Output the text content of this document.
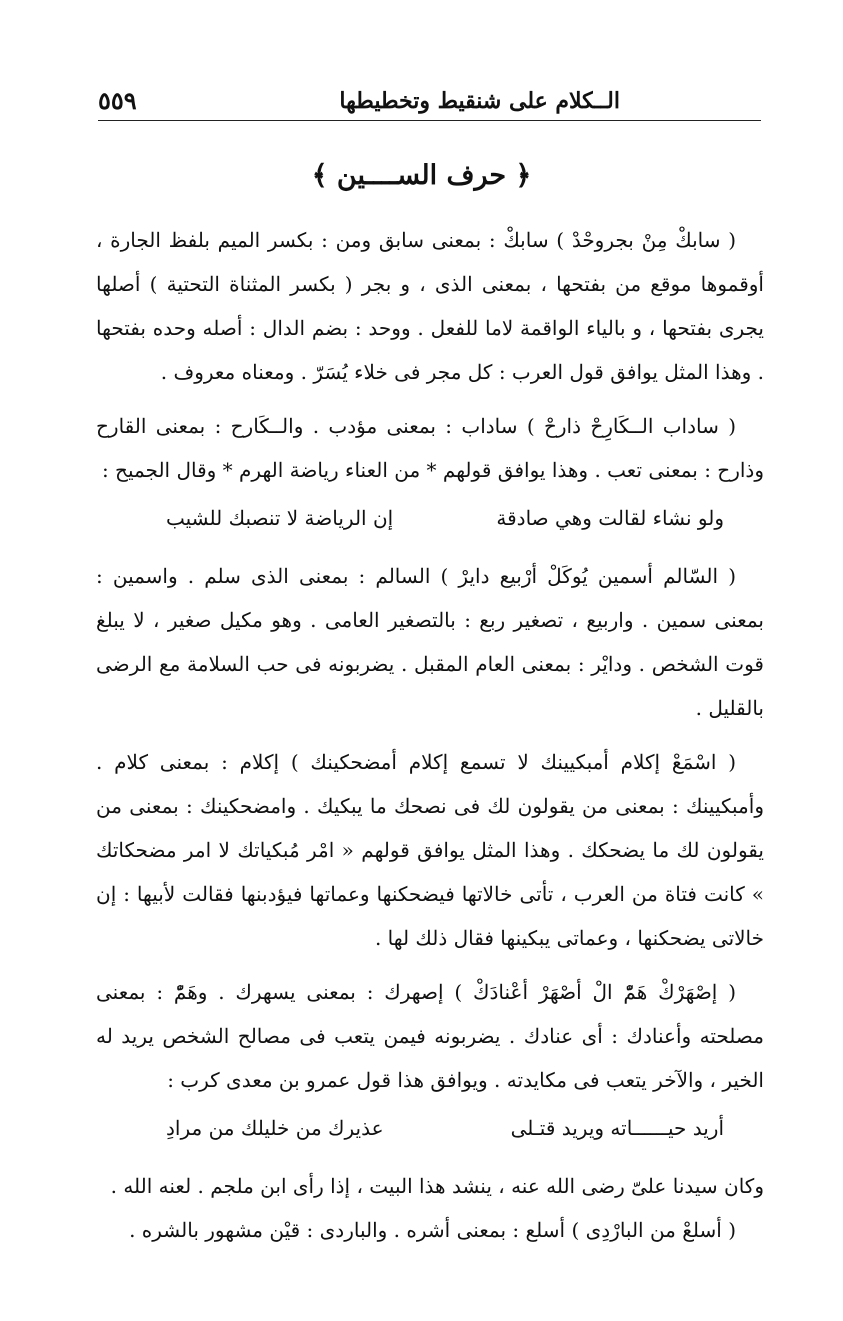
الــكلام على شنقيط وتخطيطها
٥٥٩
﴿ حرف الســــين ﴾

( سابكْ مِنْ بجروحْدْ ) سابكْ : بمعنى سابق ومن : بكسر الميم بلفظ الجارة ، أوقموها موقع من بفتحها ، بمعنى الذى ، و بجر ( بكسر المثناة التحتية ) أصلها يجرى بفتحها ، و بالياء الواقمة لاما للفعل . ووحد : بضم الدال : أصله وحده بفتحها . وهذا المثل يوافق قول العرب : كل مجر فى خلاء يُسَرّ . ومعناه معروف .

( ساداب الــكَارِحْ ذارحْ ) ساداب : بمعنى مؤدب . والــكَارح : بمعنى القارح وذارح : بمعنى تعب . وهذا يوافق قولهم * من العناء رياضة الهرم * وقال الجميح :

ولو نشاء لقالت وهي صادقة
إن الرياضة لا تنصبك للشيب

( السّالم أسمين يُوكَلْ أرْبيع دايرْ ) السالم : بمعنى الذى سلم . واسمين : بمعنى سمين . واربيع ، تصغير ربع : بالتصغير العامى . وهو مكيل صغير ، لا يبلغ قوت الشخص . ودايْر : بمعنى العام المقبل . يضربونه فى حب السلامة مع الرضى بالقليل .

( اسْمَعْ إكلام أمبكيينك لا تسمع إكلام أمضحكينك ) إكلام : بمعنى كلام . وأمبكيينك : بمعنى من يقولون لك فى نصحك ما يبكيك . وامضحكينك : بمعنى من يقولون لك ما يضحكك . وهذا المثل يوافق قولهم « امْر مُبكياتك لا امر مضحكاتك » كانت فتاة من العرب ، تأتى خالاتها فيضحكنها وعماتها فيؤدبنها فقالت لأبيها : إن خالاتى يضحكنها ، وعماتى يبكينها فقال ذلك لها .

( إصْهَرْكْ هَمّْ الْ أصْهَرْ أعْنادَكْ ) إصهرك : بمعنى يسهرك . وهَمّْ : بمعنى مصلحته وأعنادك : أى عنادك . يضربونه فيمن يتعب فى مصالح الشخص يريد له الخير ، والآخر يتعب فى مكايدته . ويوافق هذا قول عمرو بن معدى كرب :

أريد حيــــــاته ويريد قتـلى
عذيرك من خليلك من مرادِ

وكان سيدنا علىّ رضى الله عنه ، ينشد هذا البيت ، إذا رأى ابن ملجم . لعنه الله .

( أسلعْ من البارْدِى ) أسلع : بمعنى أشره . والباردى : قيْن مشهور بالشره .
